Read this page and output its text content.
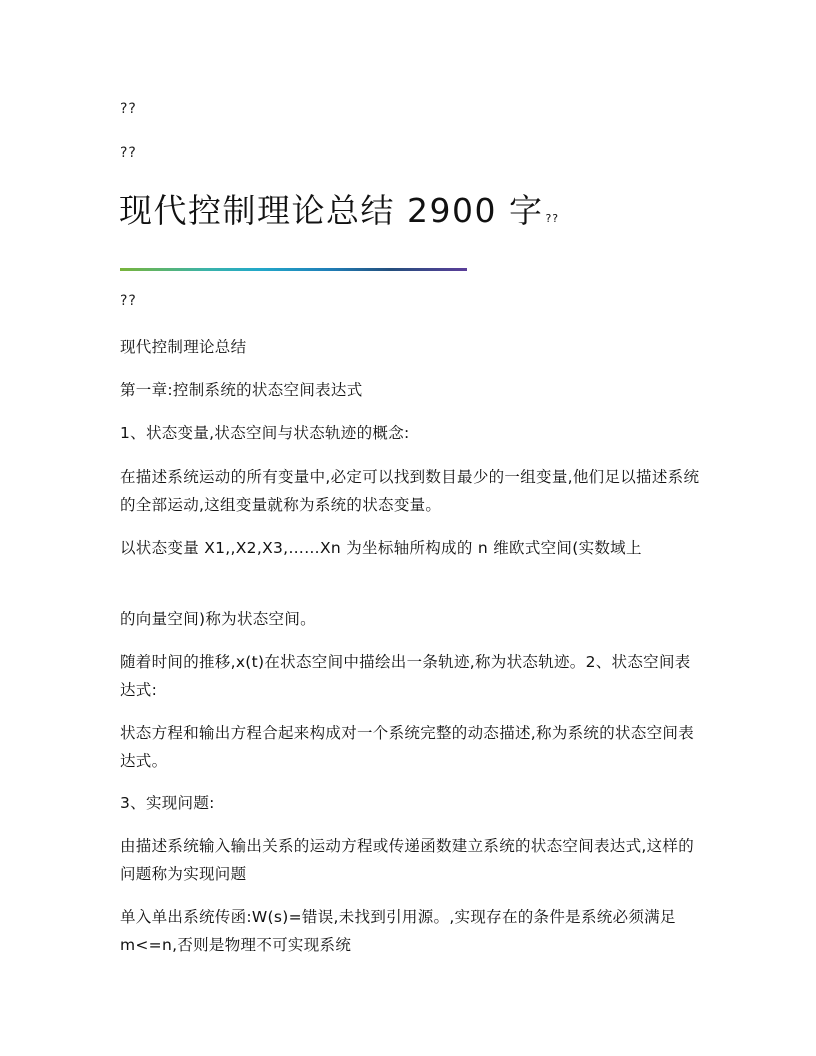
??
??
现代控制理论总结 2900 字 ??
??

现代控制理论总结

第一章:控制系统的状态空间表达式

1、状态变量,状态空间与状态轨迹的概念:

在描述系统运动的所有变量中,必定可以找到数目最少的一组变量,他们足以描述系统的全部运动,这组变量就称为系统的状态变量。

以状态变量 X1,,X2,X3,……Xn 为坐标轴所构成的 n 维欧式空间(实数域上

的向量空间)称为状态空间。

随着时间的推移,x(t)在状态空间中描绘出一条轨迹,称为状态轨迹。2、状态空间表达式:

状态方程和输出方程合起来构成对一个系统完整的动态描述,称为系统的状态空间表达式。

3、实现问题:

由描述系统输入输出关系的运动方程或传递函数建立系统的状态空间表达式,这样的问题称为实现问题

单入单出系统传函:W(s)=错误,未找到引用源。,实现存在的条件是系统必须满足 m<=n,否则是物理不可实现系统
